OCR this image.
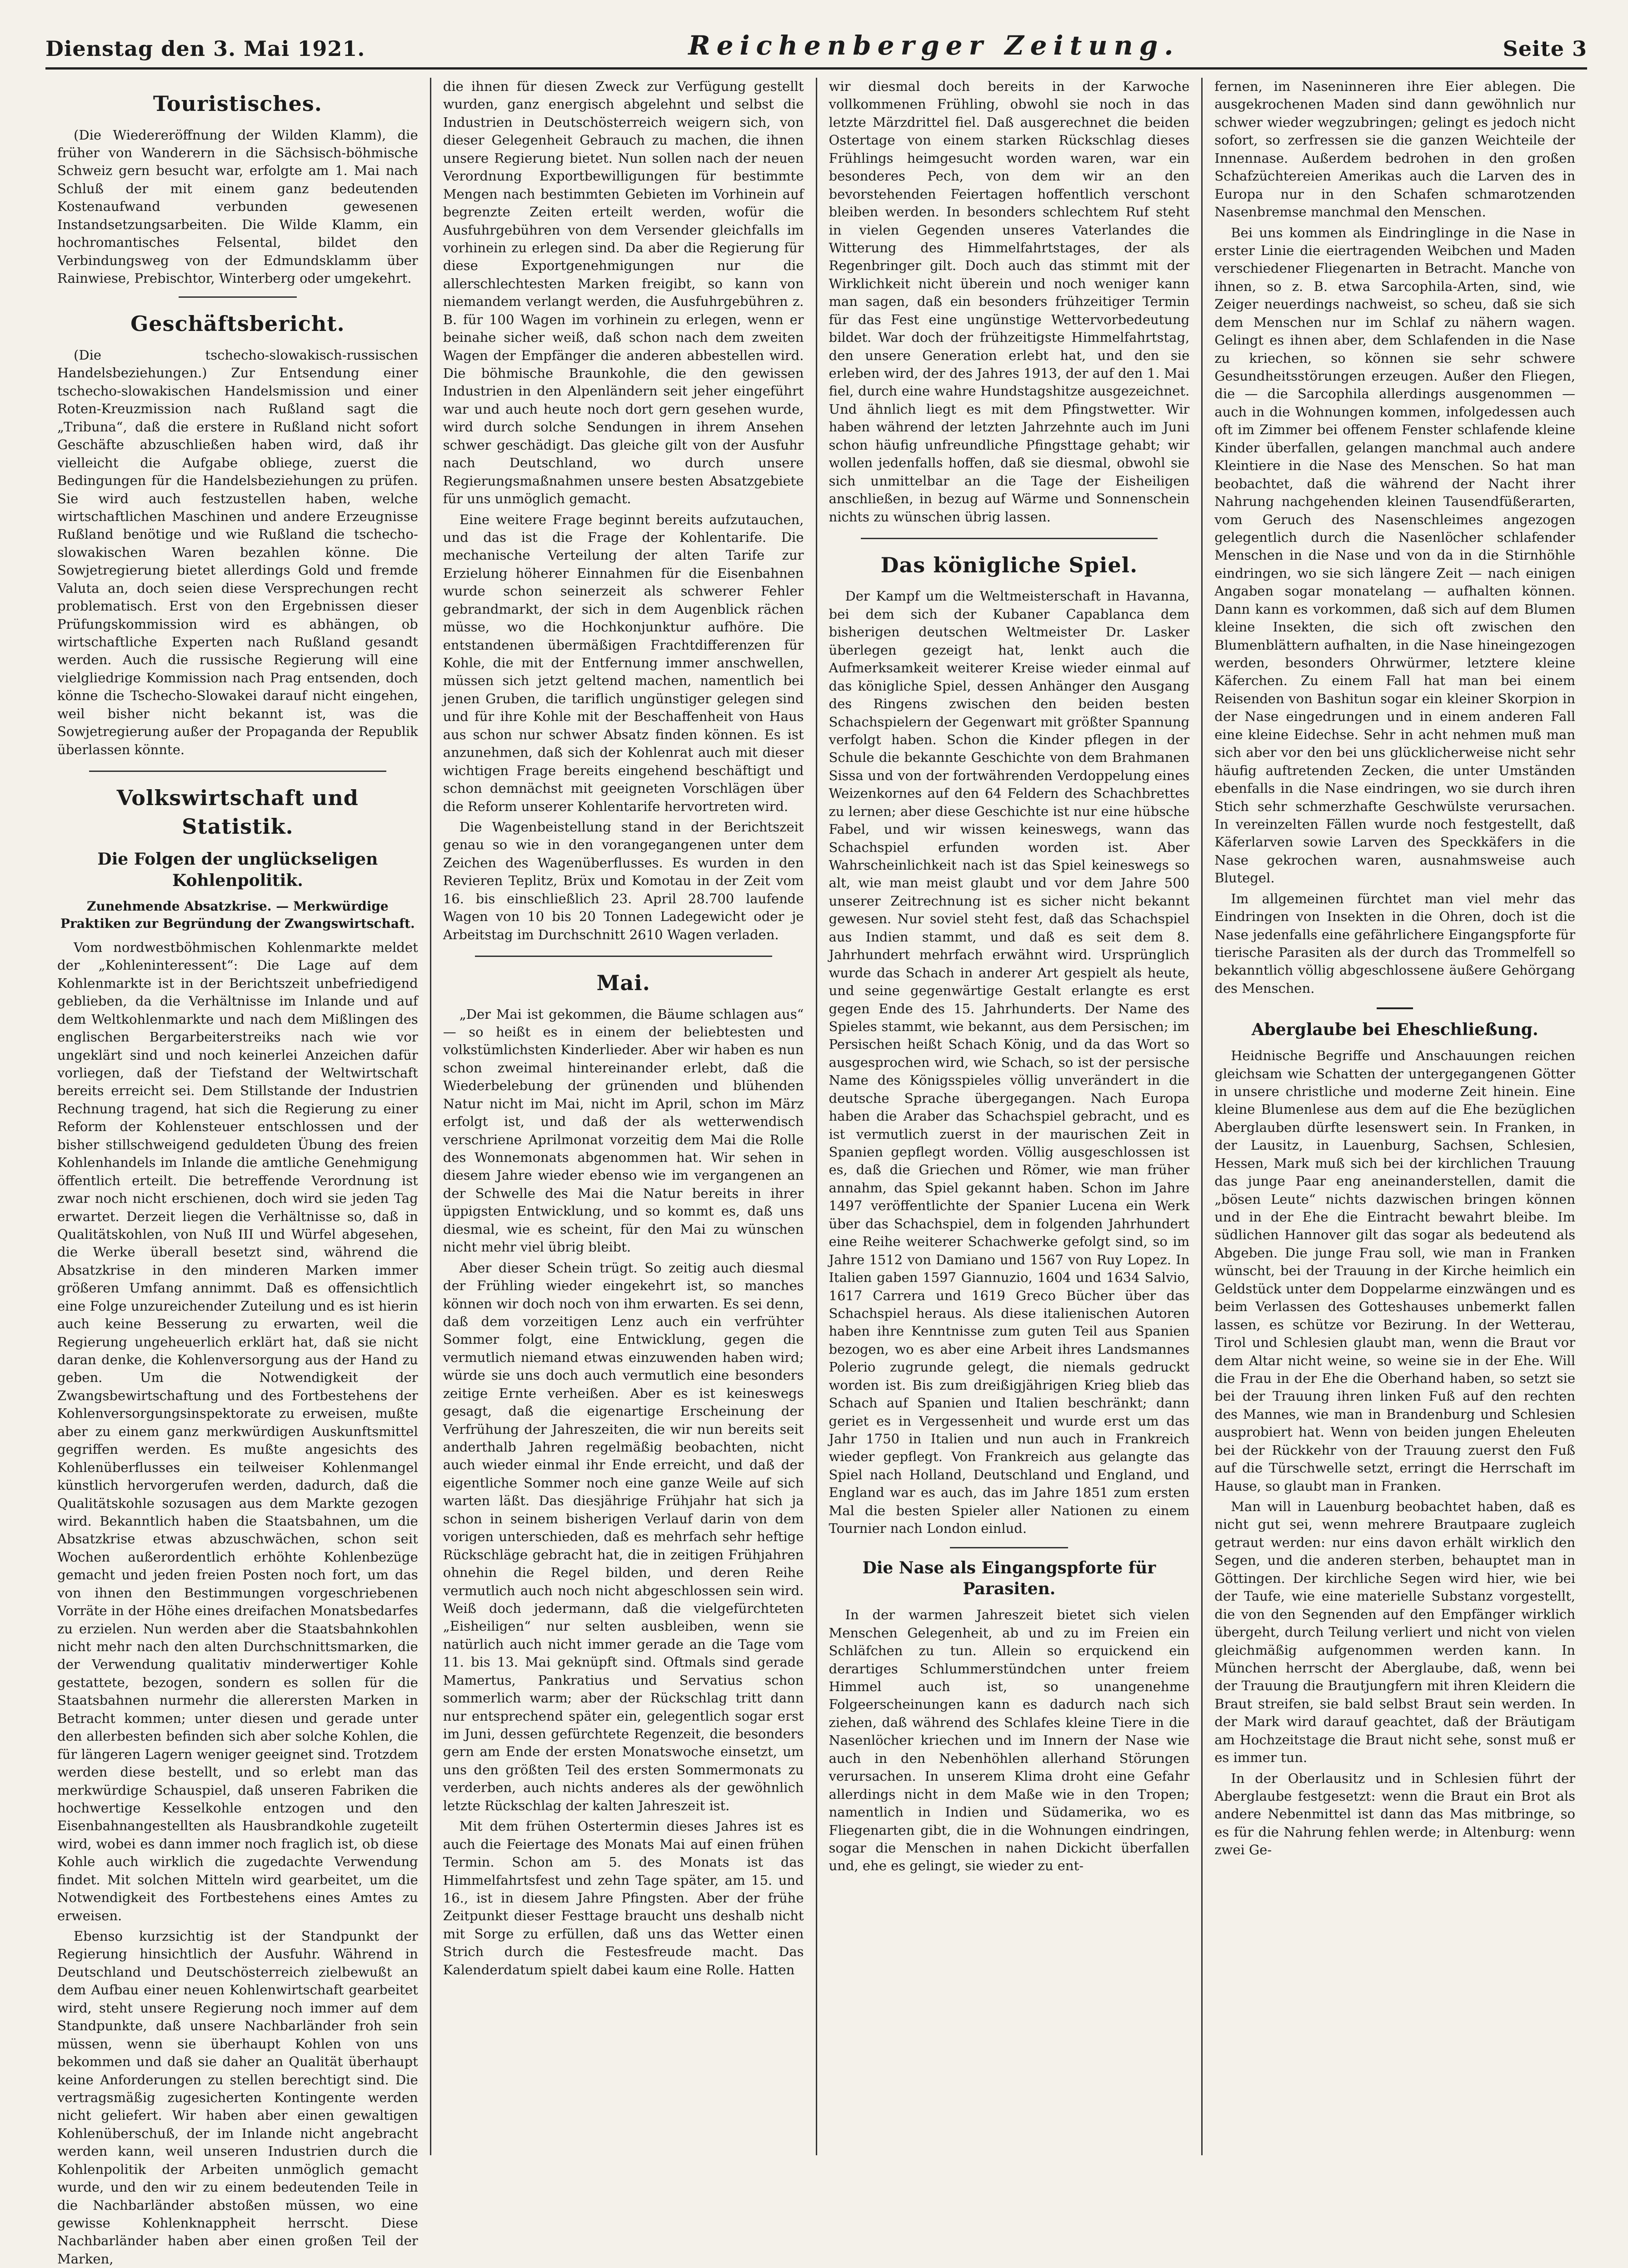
Dienstag den 3. Mai 1921.	Reichenberger Zeitung.	Seite 3
Touristisches.

(Die Wiedereröffnung der Wilden Klamm), die früher von Wanderern in die Sächsisch-böhmische Schweiz gern besucht war, erfolgte am 1. Mai nach Schluß der mit einem ganz bedeutenden Kostenaufwand verbunden gewesenen Instandsetzungsarbeiten. Die Wilde Klamm, ein hochromantisches Felsental, bildet den Verbindungsweg von der Edmundsklamm über Rainwiese, Prebischtor, Winterberg oder umgekehrt.

Geschäftsbericht.

(Die tschecho-slowakisch-russischen Handelsbeziehungen.) Zur Entsendung einer tschecho-slowakischen Handelsmission und einer Roten-Kreuzmission nach Rußland sagt die „Tribuna“, daß die erstere in Rußland nicht sofort Geschäfte abzuschließen haben wird, daß ihr vielleicht die Aufgabe obliege, zuerst die Bedingungen für die Handelsbeziehungen zu prüfen. Sie wird auch festzustellen haben, welche wirtschaftlichen Maschinen und andere Erzeugnisse Rußland benötige und wie Rußland die tschecho-slowakischen Waren bezahlen könne. Die Sowjetregierung bietet allerdings Gold und fremde Valuta an, doch seien diese Versprechungen recht problematisch. Erst von den Ergebnissen dieser Prüfungskommission wird es abhängen, ob wirtschaftliche Experten nach Rußland gesandt werden. Auch die russische Regierung will eine vielgliedrige Kommission nach Prag entsenden, doch könne die Tschecho-Slowakei darauf nicht eingehen, weil bisher nicht bekannt ist, was die Sowjetregierung außer der Propaganda der Republik überlassen könnte.

Volkswirtschaft und Statistik.
Die Folgen der unglückseligen Kohlenpolitik.
Zunehmende Absatzkrise. — Merkwürdige Praktiken zur Begründung der Zwangswirtschaft.

Vom nordwestböhmischen Kohlenmarkte meldet der „Kohleninteressent“: Die Lage auf dem Kohlenmarkte ist in der Berichtszeit unbefriedigend geblieben, da die Verhältnisse im Inlande und auf dem Weltkohlenmarkte und nach dem Mißlingen des englischen Bergarbeiterstreiks nach wie vor ungeklärt sind und noch keinerlei Anzeichen dafür vorliegen, daß der Tiefstand der Weltwirtschaft bereits erreicht sei. Dem Stillstande der Industrien Rechnung tragend, hat sich die Regierung zu einer Reform der Kohlensteuer entschlossen und der bisher stillschweigend geduldeten Übung des freien Kohlenhandels im Inlande die amtliche Genehmigung öffentlich erteilt. Die betreffende Verordnung ist zwar noch nicht erschienen, doch wird sie jeden Tag erwartet. Derzeit liegen die Verhältnisse so, daß in Qualitätskohlen, von Nuß III und Würfel abgesehen, die Werke überall besetzt sind, während die Absatzkrise in den minderen Marken immer größeren Umfang annimmt. Daß es offensichtlich eine Folge unzureichender Zuteilung und es ist hierin auch keine Besserung zu erwarten, weil die Regierung ungeheuerlich erklärt hat, daß sie nicht daran denke, die Kohlenversorgung aus der Hand zu geben. Um die Notwendigkeit der Zwangsbewirtschaftung und des Fortbestehens der Kohlenversorgungsinspektorate zu erweisen, mußte aber zu einem ganz merkwürdigen Auskunftsmittel gegriffen werden. Es mußte angesichts des Kohlenüberflusses ein teilweiser Kohlenmangel künstlich hervorgerufen werden, dadurch, daß die Qualitätskohle sozusagen aus dem Markte gezogen wird. Bekanntlich haben die Staatsbahnen, um die Absatzkrise etwas abzuschwächen, schon seit Wochen außerordentlich erhöhte Kohlenbezüge gemacht und jeden freien Posten noch fort, um das von ihnen den Bestimmungen vorgeschriebenen Vorräte in der Höhe eines dreifachen Monatsbedarfes zu erzielen. Nun werden aber die Staatsbahnkohlen nicht mehr nach den alten Durchschnittsmarken, die der Verwendung qualitativ minderwertiger Kohle gestattete, bezogen, sondern es sollen für die Staatsbahnen nurmehr die allerersten Marken in Betracht kommen; unter diesen und gerade unter den allerbesten befinden sich aber solche Kohlen, die für längeren Lagern weniger geeignet sind. Trotzdem werden diese bestellt, und so erlebt man das merkwürdige Schauspiel, daß unseren Fabriken die hochwertige Kesselkohle entzogen und den Eisenbahnangestellten als Hausbrandkohle zugeteilt wird, wobei es dann immer noch fraglich ist, ob diese Kohle auch wirklich die zugedachte Verwendung findet. Mit solchen Mitteln wird gearbeitet, um die Notwendigkeit des Fortbestehens eines Amtes zu erweisen.

Ebenso kurzsichtig ist der Standpunkt der Regierung hinsichtlich der Ausfuhr. Während in Deutschland und Deutschösterreich zielbewußt an dem Aufbau einer neuen Kohlenwirtschaft gearbeitet wird, steht unsere Regierung noch immer auf dem Standpunkte, daß unsere Nachbarländer froh sein müssen, wenn sie überhaupt Kohlen von uns bekommen und daß sie daher an Qualität überhaupt keine Anforderungen zu stellen berechtigt sind. Die vertragsmäßig zugesicherten Kontingente werden nicht geliefert. Wir haben aber einen gewaltigen Kohlenüberschuß, der im Inlande nicht angebracht werden kann, weil unseren Industrien durch die Kohlenpolitik der Arbeiten unmöglich gemacht wurde, und den wir zu einem bedeutenden Teile in die Nachbarländer abstoßen müssen, wo eine gewisse Kohlenknappheit herrscht. Diese Nachbarländer haben aber einen großen Teil der Marken,

die ihnen für diesen Zweck zur Verfügung gestellt wurden, ganz energisch abgelehnt und selbst die Industrien in Deutschösterreich weigern sich, von dieser Gelegenheit Gebrauch zu machen, die ihnen unsere Regierung bietet. Nun sollen nach der neuen Verordnung Exportbewilligungen für bestimmte Mengen nach bestimmten Gebieten im Vorhinein auf begrenzte Zeiten erteilt werden, wofür die Ausfuhrgebühren von dem Versender gleichfalls im vorhinein zu erlegen sind. Da aber die Regierung für diese Exportgenehmigungen nur die allerschlechtesten Marken freigibt, so kann von niemandem verlangt werden, die Ausfuhrgebühren z. B. für 100 Wagen im vorhinein zu erlegen, wenn er beinahe sicher weiß, daß schon nach dem zweiten Wagen der Empfänger die anderen abbestellen wird. Die böhmische Braunkohle, die den gewissen Industrien in den Alpenländern seit jeher eingeführt war und auch heute noch dort gern gesehen wurde, wird durch solche Sendungen in ihrem Ansehen schwer geschädigt. Das gleiche gilt von der Ausfuhr nach Deutschland, wo durch unsere Regierungsmaßnahmen unsere besten Absatzgebiete für uns unmöglich gemacht.

Eine weitere Frage beginnt bereits aufzutauchen, und das ist die Frage der Kohlentarife. Die mechanische Verteilung der alten Tarife zur Erzielung höherer Einnahmen für die Eisenbahnen wurde schon seinerzeit als schwerer Fehler gebrandmarkt, der sich in dem Augenblick rächen müsse, wo die Hochkonjunktur aufhöre. Die entstandenen übermäßigen Frachtdifferenzen für Kohle, die mit der Entfernung immer anschwellen, müssen sich jetzt geltend machen, namentlich bei jenen Gruben, die tariflich ungünstiger gelegen sind und für ihre Kohle mit der Beschaffenheit von Haus aus schon nur schwer Absatz finden können. Es ist anzunehmen, daß sich der Kohlenrat auch mit dieser wichtigen Frage bereits eingehend beschäftigt und schon demnächst mit geeigneten Vorschlägen über die Reform unserer Kohlentarife hervortreten wird.

Die Wagenbeistellung stand in der Berichtszeit genau so wie in den vorangegangenen unter dem Zeichen des Wagenüberflusses. Es wurden in den Revieren Teplitz, Brüx und Komotau in der Zeit vom 16. bis einschließlich 23. April 28.700 laufende Wagen von 10 bis 20 Tonnen Ladegewicht oder je Arbeitstag im Durchschnitt 2610 Wagen verladen.

Mai.

„Der Mai ist gekommen, die Bäume schlagen aus“ — so heißt es in einem der beliebtesten und volkstümlichsten Kinderlieder. Aber wir haben es nun schon zweimal hintereinander erlebt, daß die Wiederbelebung der grünenden und blühenden Natur nicht im Mai, nicht im April, schon im März erfolgt ist, und daß der als wetterwendisch verschriene Aprilmonat vorzeitig dem Mai die Rolle des Wonnemonats abgenommen hat. Wir sehen in diesem Jahre wieder ebenso wie im vergangenen an der Schwelle des Mai die Natur bereits in ihrer üppigsten Entwicklung, und so kommt es, daß uns diesmal, wie es scheint, für den Mai zu wünschen nicht mehr viel übrig bleibt.

Aber dieser Schein trügt. So zeitig auch diesmal der Frühling wieder eingekehrt ist, so manches können wir doch noch von ihm erwarten. Es sei denn, daß dem vorzeitigen Lenz auch ein verfrühter Sommer folgt, eine Entwicklung, gegen die vermutlich niemand etwas einzuwenden haben wird; würde sie uns doch auch vermutlich eine besonders zeitige Ernte verheißen. Aber es ist keineswegs gesagt, daß die eigenartige Erscheinung der Verfrühung der Jahreszeiten, die wir nun bereits seit anderthalb Jahren regelmäßig beobachten, nicht auch wieder einmal ihr Ende erreicht, und daß der eigentliche Sommer noch eine ganze Weile auf sich warten läßt. Das diesjährige Frühjahr hat sich ja schon in seinem bisherigen Verlauf darin von dem vorigen unterschieden, daß es mehrfach sehr heftige Rückschläge gebracht hat, die in zeitigen Frühjahren ohnehin die Regel bilden, und deren Reihe vermutlich auch noch nicht abgeschlossen sein wird. Weiß doch jedermann, daß die vielgefürchteten „Eisheiligen“ nur selten ausbleiben, wenn sie natürlich auch nicht immer gerade an die Tage vom 11. bis 13. Mai geknüpft sind. Oftmals sind gerade Mamertus, Pankratius und Servatius schon sommerlich warm; aber der Rückschlag tritt dann nur entsprechend später ein, gelegentlich sogar erst im Juni, dessen gefürchtete Regenzeit, die besonders gern am Ende der ersten Monatswoche einsetzt, um uns den größten Teil des ersten Sommermonats zu verderben, auch nichts anderes als der gewöhnlich letzte Rückschlag der kalten Jahreszeit ist.

Mit dem frühen Ostertermin dieses Jahres ist es auch die Feiertage des Monats Mai auf einen frühen Termin. Schon am 5. des Monats ist das Himmelfahrtsfest und zehn Tage später, am 15. und 16., ist in diesem Jahre Pfingsten. Aber der frühe Zeitpunkt dieser Festtage braucht uns deshalb nicht mit Sorge zu erfüllen, daß uns das Wetter einen Strich durch die Festesfreude macht. Das Kalenderdatum spielt dabei kaum eine Rolle. Hatten

wir diesmal doch bereits in der Karwoche vollkommenen Frühling, obwohl sie noch in das letzte Märzdrittel fiel. Daß ausgerechnet die beiden Ostertage von einem starken Rückschlag dieses Frühlings heimgesucht worden waren, war ein besonderes Pech, von dem wir an den bevorstehenden Feiertagen hoffentlich verschont bleiben werden. In besonders schlechtem Ruf steht in vielen Gegenden unseres Vaterlandes die Witterung des Himmelfahrtstages, der als Regenbringer gilt. Doch auch das stimmt mit der Wirklichkeit nicht überein und noch weniger kann man sagen, daß ein besonders frühzeitiger Termin für das Fest eine ungünstige Wettervorbedeutung bildet. War doch der frühzeitigste Himmelfahrtstag, den unsere Generation erlebt hat, und den sie erleben wird, der des Jahres 1913, der auf den 1. Mai fiel, durch eine wahre Hundstagshitze ausgezeichnet. Und ähnlich liegt es mit dem Pfingstwetter. Wir haben während der letzten Jahrzehnte auch im Juni schon häufig unfreundliche Pfingsttage gehabt; wir wollen jedenfalls hoffen, daß sie diesmal, obwohl sie sich unmittelbar an die Tage der Eisheiligen anschließen, in bezug auf Wärme und Sonnenschein nichts zu wünschen übrig lassen.

Das königliche Spiel.

Der Kampf um die Weltmeisterschaft in Havanna, bei dem sich der Kubaner Capablanca dem bisherigen deutschen Weltmeister Dr. Lasker überlegen gezeigt hat, lenkt auch die Aufmerksamkeit weiterer Kreise wieder einmal auf das königliche Spiel, dessen Anhänger den Ausgang des Ringens zwischen den beiden besten Schachspielern der Gegenwart mit größter Spannung verfolgt haben. Schon die Kinder pflegen in der Schule die bekannte Geschichte von dem Brahmanen Sissa und von der fortwährenden Verdoppelung eines Weizenkornes auf den 64 Feldern des Schachbrettes zu lernen; aber diese Geschichte ist nur eine hübsche Fabel, und wir wissen keineswegs, wann das Schachspiel erfunden worden ist. Aber Wahrscheinlichkeit nach ist das Spiel keineswegs so alt, wie man meist glaubt und vor dem Jahre 500 unserer Zeitrechnung ist es sicher nicht bekannt gewesen. Nur soviel steht fest, daß das Schachspiel aus Indien stammt, und daß es seit dem 8. Jahrhundert mehrfach erwähnt wird. Ursprünglich wurde das Schach in anderer Art gespielt als heute, und seine gegenwärtige Gestalt erlangte es erst gegen Ende des 15. Jahrhunderts. Der Name des Spieles stammt, wie bekannt, aus dem Persischen; im Persischen heißt Schach König, und da das Wort so ausgesprochen wird, wie Schach, so ist der persische Name des Königsspieles völlig unverändert in die deutsche Sprache übergegangen. Nach Europa haben die Araber das Schachspiel gebracht, und es ist vermutlich zuerst in der maurischen Zeit in Spanien gepflegt worden. Völlig ausgeschlossen ist es, daß die Griechen und Römer, wie man früher annahm, das Spiel gekannt haben. Schon im Jahre 1497 veröffentlichte der Spanier Lucena ein Werk über das Schachspiel, dem in folgenden Jahrhundert eine Reihe weiterer Schachwerke gefolgt sind, so im Jahre 1512 von Damiano und 1567 von Ruy Lopez. In Italien gaben 1597 Giannuzio, 1604 und 1634 Salvio, 1617 Carrera und 1619 Greco Bücher über das Schachspiel heraus. Als diese italienischen Autoren haben ihre Kenntnisse zum guten Teil aus Spanien bezogen, wo es aber eine Arbeit ihres Landsmannes Polerio zugrunde gelegt, die niemals gedruckt worden ist. Bis zum dreißigjährigen Krieg blieb das Schach auf Spanien und Italien beschränkt; dann geriet es in Vergessenheit und wurde erst um das Jahr 1750 in Italien und nun auch in Frankreich wieder gepflegt. Von Frankreich aus gelangte das Spiel nach Holland, Deutschland und England, und England war es auch, das im Jahre 1851 zum ersten Mal die besten Spieler aller Nationen zu einem Tournier nach London einlud.

Die Nase als Eingangspforte für Parasiten.

In der warmen Jahreszeit bietet sich vielen Menschen Gelegenheit, ab und zu im Freien ein Schläfchen zu tun. Allein so erquickend ein derartiges Schlummerstündchen unter freiem Himmel auch ist, so unangenehme Folgeerscheinungen kann es dadurch nach sich ziehen, daß während des Schlafes kleine Tiere in die Nasenlöcher kriechen und im Innern der Nase wie auch in den Nebenhöhlen allerhand Störungen verursachen. In unserem Klima droht eine Gefahr allerdings nicht in dem Maße wie in den Tropen; namentlich in Indien und Südamerika, wo es Fliegenarten gibt, die in die Wohnungen eindringen, sogar die Menschen in nahen Dickicht überfallen und, ehe es gelingt, sie wieder zu ent-

fernen, im Naseninneren ihre Eier ablegen. Die ausgekrochenen Maden sind dann gewöhnlich nur schwer wieder wegzubringen; gelingt es jedoch nicht sofort, so zerfressen sie die ganzen Weichteile der Innennase. Außerdem bedrohen in den großen Schafzüchtereien Amerikas auch die Larven des in Europa nur in den Schafen schmarotzenden Nasenbremse manchmal den Menschen.

Bei uns kommen als Eindringlinge in die Nase in erster Linie die eiertragenden Weibchen und Maden verschiedener Fliegenarten in Betracht. Manche von ihnen, so z. B. etwa Sarcophila-Arten, sind, wie Zeiger neuerdings nachweist, so scheu, daß sie sich dem Menschen nur im Schlaf zu nähern wagen. Gelingt es ihnen aber, dem Schlafenden in die Nase zu kriechen, so können sie sehr schwere Gesundheitsstörungen erzeugen. Außer den Fliegen, die — die Sarcophila allerdings ausgenommen — auch in die Wohnungen kommen, infolgedessen auch oft im Zimmer bei offenem Fenster schlafende kleine Kinder überfallen, gelangen manchmal auch andere Kleintiere in die Nase des Menschen. So hat man beobachtet, daß die während der Nacht ihrer Nahrung nachgehenden kleinen Tausendfüßerarten, vom Geruch des Nasenschleimes angezogen gelegentlich durch die Nasenlöcher schlafender Menschen in die Nase und von da in die Stirnhöhle eindringen, wo sie sich längere Zeit — nach einigen Angaben sogar monatelang — aufhalten können. Dann kann es vorkommen, daß sich auf dem Blumen kleine Insekten, die sich oft zwischen den Blumenblättern aufhalten, in die Nase hineingezogen werden, besonders Ohrwürmer, letztere kleine Käferchen. Zu einem Fall hat man bei einem Reisenden von Bashitun sogar ein kleiner Skorpion in der Nase eingedrungen und in einem anderen Fall eine kleine Eidechse. Sehr in acht nehmen muß man sich aber vor den bei uns glücklicherweise nicht sehr häufig auftretenden Zecken, die unter Umständen ebenfalls in die Nase eindringen, wo sie durch ihren Stich sehr schmerzhafte Geschwülste verursachen. In vereinzelten Fällen wurde noch festgestellt, daß Käferlarven sowie Larven des Speckkäfers in die Nase gekrochen waren, ausnahmsweise auch Blutegel.

Im allgemeinen fürchtet man viel mehr das Eindringen von Insekten in die Ohren, doch ist die Nase jedenfalls eine gefährlichere Eingangspforte für tierische Parasiten als der durch das Trommelfell so bekanntlich völlig abgeschlossene äußere Gehörgang des Menschen.

Aberglaube bei Eheschließung.

Heidnische Begriffe und Anschauungen reichen gleichsam wie Schatten der untergegangenen Götter in unsere christliche und moderne Zeit hinein. Eine kleine Blumenlese aus dem auf die Ehe bezüglichen Aberglauben dürfte lesenswert sein. In Franken, in der Lausitz, in Lauenburg, Sachsen, Schlesien, Hessen, Mark muß sich bei der kirchlichen Trauung das junge Paar eng aneinanderstellen, damit die „bösen Leute“ nichts dazwischen bringen können und in der Ehe die Eintracht bewahrt bleibe. Im südlichen Hannover gilt das sogar als bedeutend als Abgeben. Die junge Frau soll, wie man in Franken wünscht, bei der Trauung in der Kirche heimlich ein Geldstück unter dem Doppelarme einzwängen und es beim Verlassen des Gotteshauses unbemerkt fallen lassen, es schütze vor Bezirung. In der Wetterau, Tirol und Schlesien glaubt man, wenn die Braut vor dem Altar nicht weine, so weine sie in der Ehe. Will die Frau in der Ehe die Oberhand haben, so setzt sie bei der Trauung ihren linken Fuß auf den rechten des Mannes, wie man in Brandenburg und Schlesien ausprobiert hat. Wenn von beiden jungen Eheleuten bei der Rückkehr von der Trauung zuerst den Fuß auf die Türschwelle setzt, erringt die Herrschaft im Hause, so glaubt man in Franken.

Man will in Lauenburg beobachtet haben, daß es nicht gut sei, wenn mehrere Brautpaare zugleich getraut werden: nur eins davon erhält wirklich den Segen, und die anderen sterben, behauptet man in Göttingen. Der kirchliche Segen wird hier, wie bei der Taufe, wie eine materielle Substanz vorgestellt, die von den Segnenden auf den Empfänger wirklich übergeht, durch Teilung verliert und nicht von vielen gleichmäßig aufgenommen werden kann. In München herrscht der Aberglaube, daß, wenn bei der Trauung die Brautjungfern mit ihren Kleidern die Braut streifen, sie bald selbst Braut sein werden. In der Mark wird darauf geachtet, daß der Bräutigam am Hochzeitstage die Braut nicht sehe, sonst muß er es immer tun.

In der Oberlausitz und in Schlesien führt der Aberglaube festgesetzt: wenn die Braut ein Brot als andere Nebenmittel ist dann das Mas mitbringe, so es für die Nahrung fehlen werde; in Altenburg: wenn zwei Ge-
